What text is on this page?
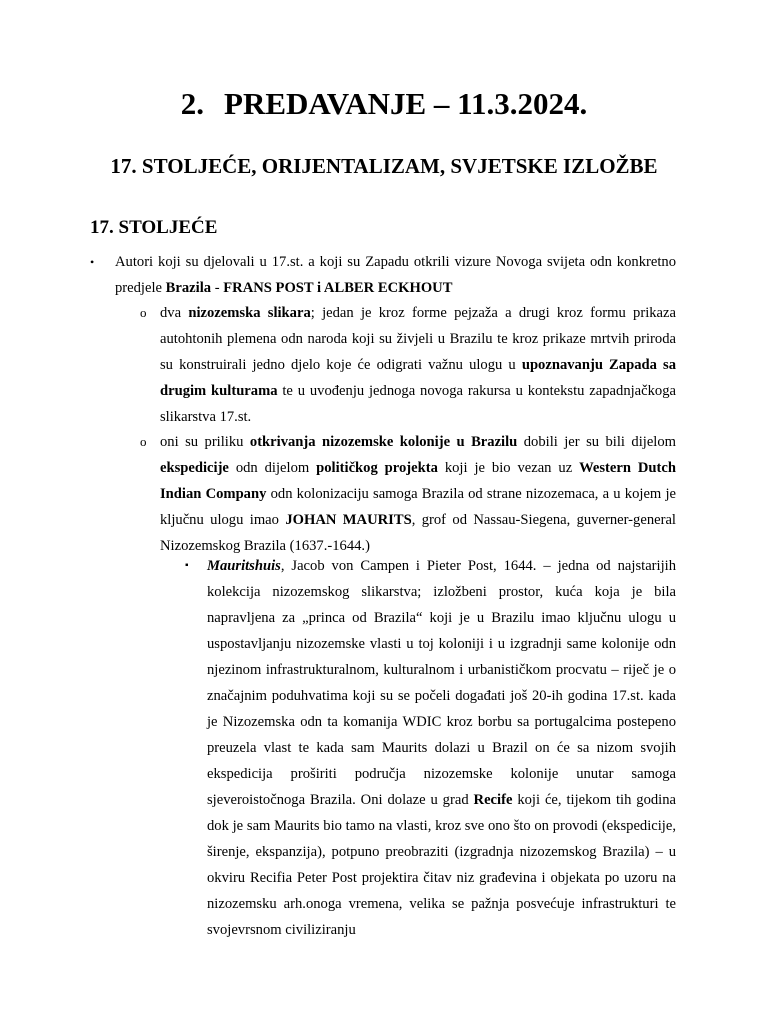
2. PREDAVANJE – 11.3.2024.
17. STOLJEĆE, ORIJENTALIZAM, SVJETSKE IZLOŽBE
17. STOLJEĆE
• Autori koji su djelovali u 17.st. a koji su Zapadu otkrili vizure Novoga svijeta odn konkretno predjele Brazila - FRANS POST i ALBER ECKHOUT
o dva nizozemska slikara; jedan je kroz forme pejzaža a drugi kroz formu prikaza autohtonih plemena odn naroda koji su živjeli u Brazilu te kroz prikaze mrtvih priroda su konstruirali jedno djelo koje će odigrati važnu ulogu u upoznavanju Zapada sa drugim kulturama te u uvođenju jednoga novoga rakursa u kontekstu zapadnjačkoga slikarstva 17.st.
o oni su priliku otkrivanja nizozemske kolonije u Brazilu dobili jer su bili dijelom ekspedicije odn dijelom političkog projekta koji je bio vezan uz Western Dutch Indian Company odn kolonizaciju samoga Brazila od strane nizozemaca, a u kojem je ključnu ulogu imao JOHAN MAURITS, grof od Nassau-Siegena, guverner-general Nizozemskog Brazila (1637.-1644.)
▪ Mauritshuis, Jacob von Campen i Pieter Post, 1644. – jedna od najstarijih kolekcija nizozemskog slikarstva; izložbeni prostor, kuća koja je bila napravljena za „princa od Brazila“ koji je u Brazilu imao ključnu ulogu u uspostavljanju nizozemske vlasti u toj koloniji i u izgradnji same kolonije odn njezinom infrastrukturalnom, kulturalnom i urbanističkom procvatu – riječ je o značajnim poduhvatima koji su se počeli događati još 20-ih godina 17.st. kada je Nizozemska odn ta komanija WDIC kroz borbu sa portugalcima postepeno preuzela vlast te kada sam Maurits dolazi u Brazil on će sa nizom svojih ekspedicija proširiti područja nizozemske kolonije unutar samoga sjeveroistočnoga Brazila. Oni dolaze u grad Recife koji će, tijekom tih godina dok je sam Maurits bio tamo na vlasti, kroz sve ono što on provodi (ekspedicije, širenje, ekspanzija), potpuno preobraziti (izgradnja nizozemskog Brazila) – u okviru Recifia Peter Post projektira čitav niz građevina i objekata po uzoru na nizozemsku arh.onoga vremena, velika se pažnja posvećuje infrastrukturi te svojevrsnom civiliziranju
